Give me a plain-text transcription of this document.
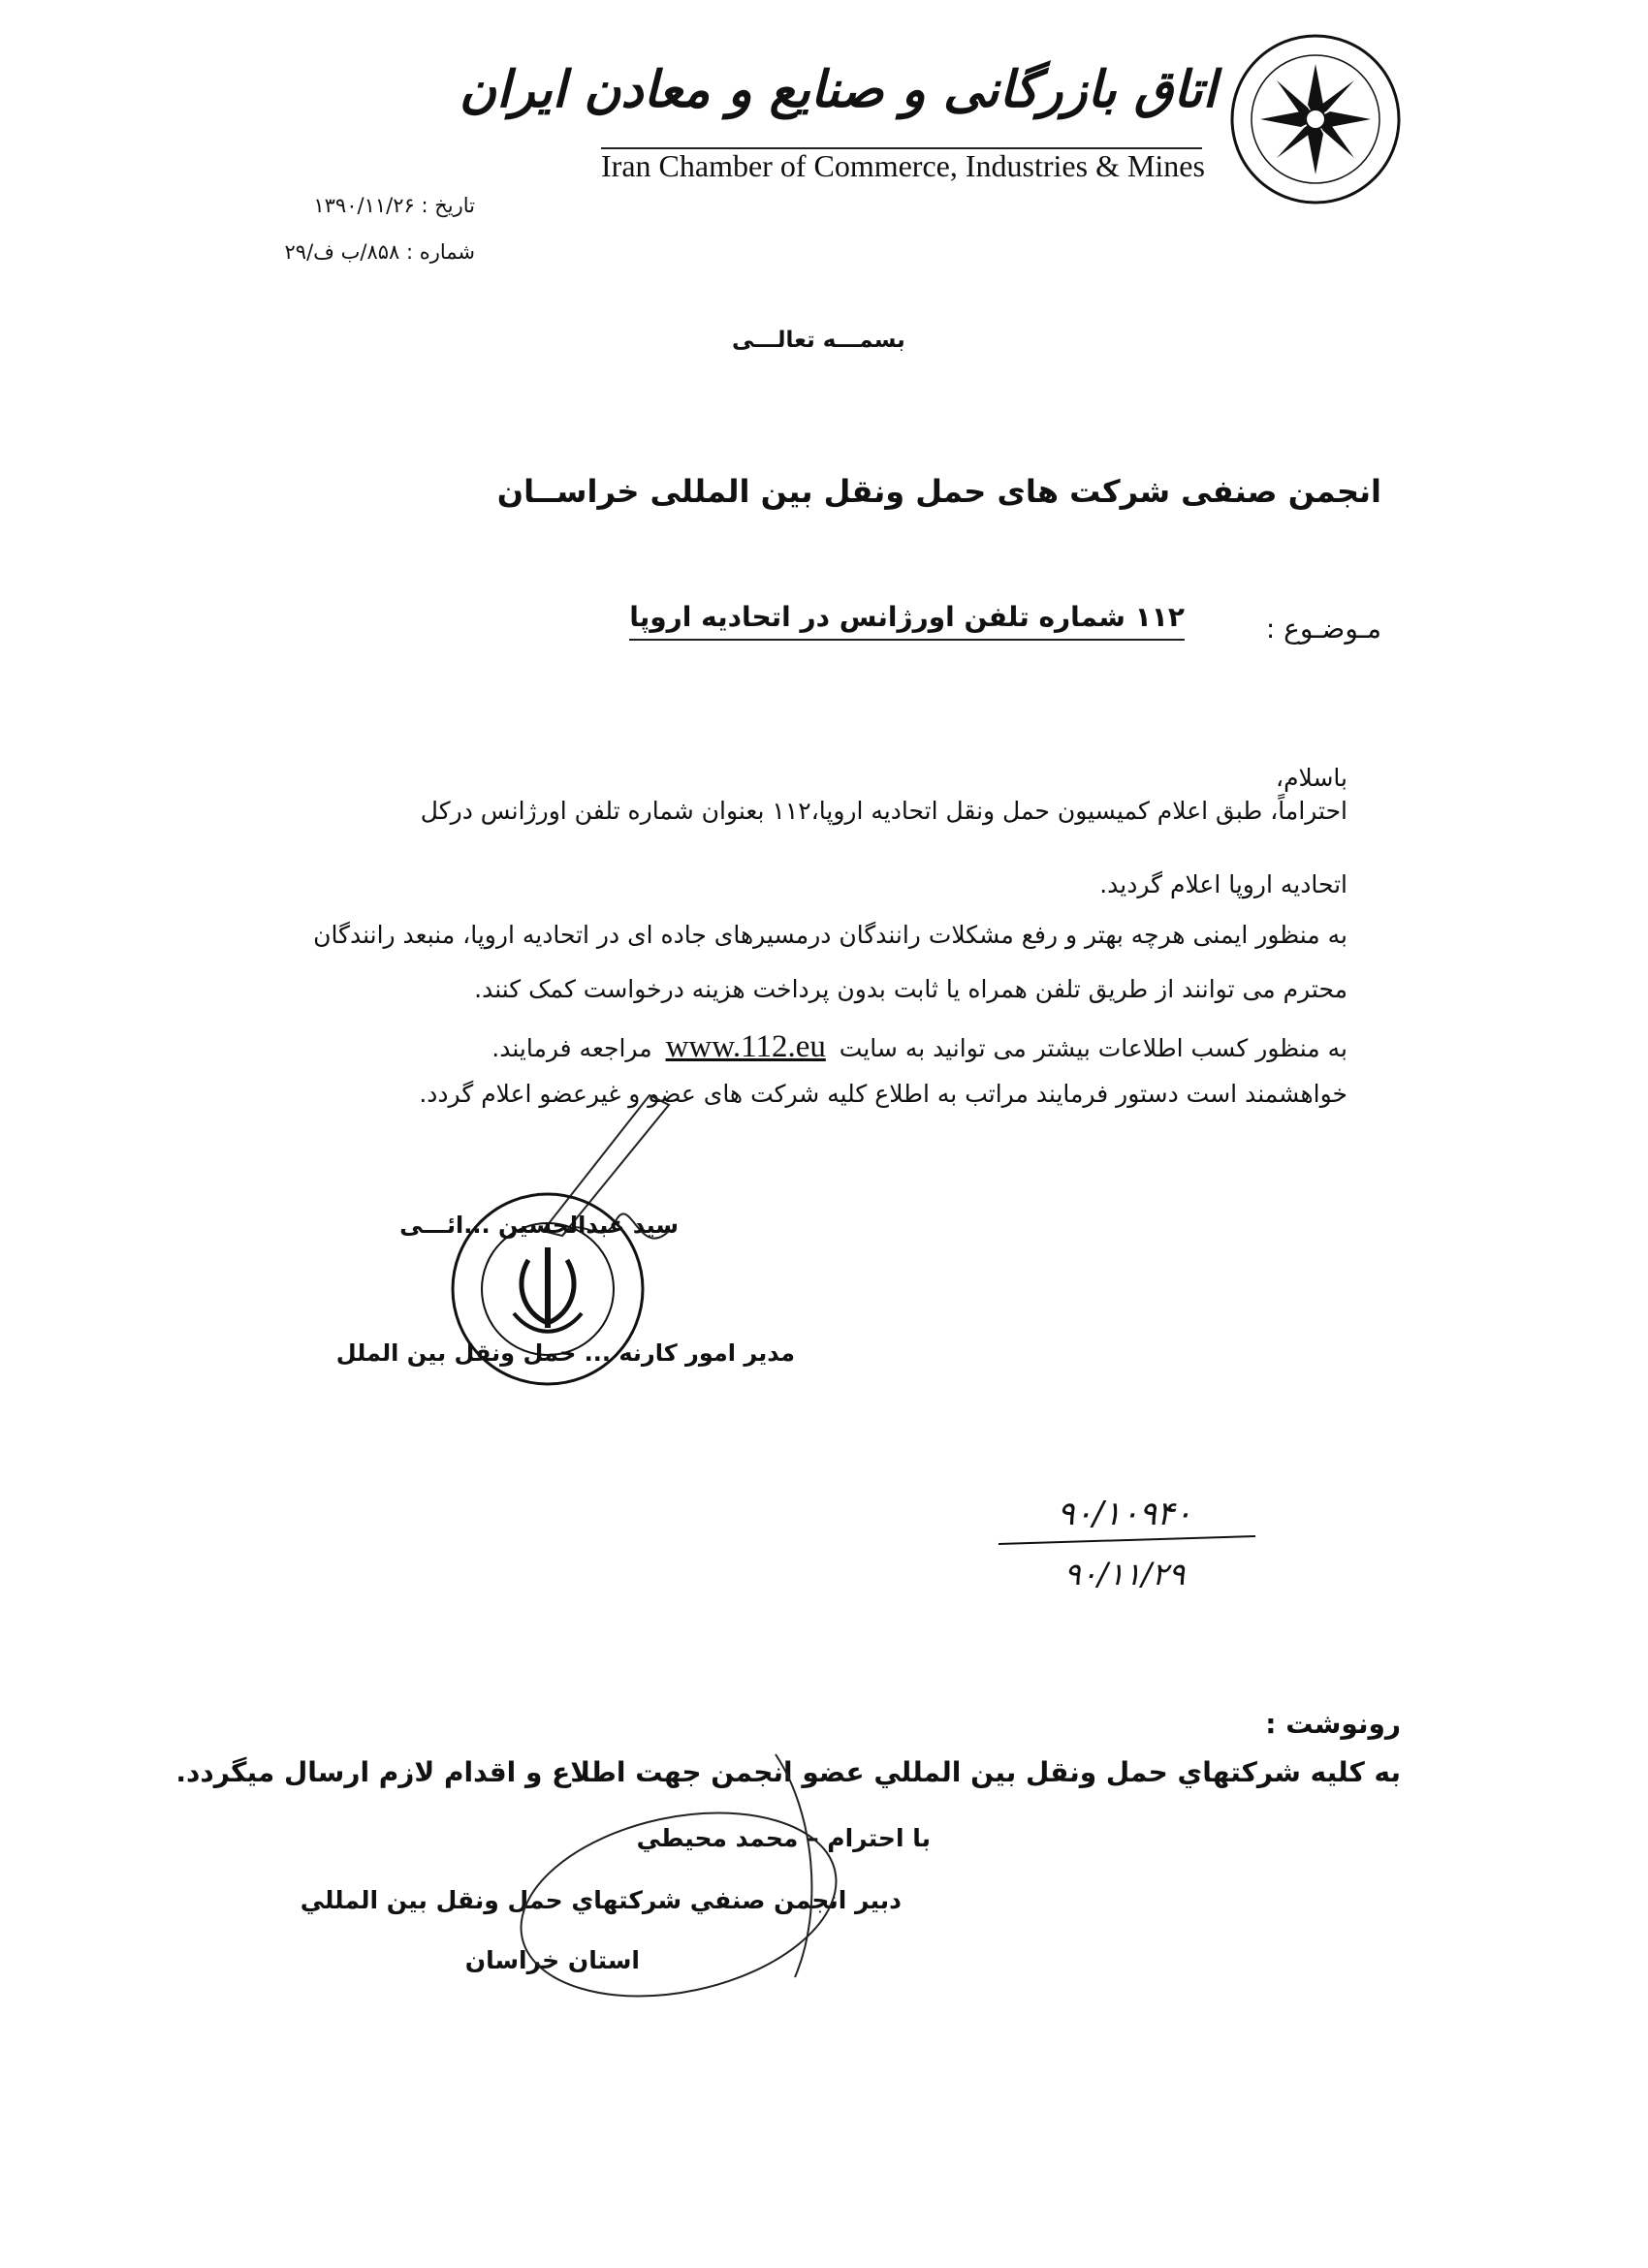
اتاق بازرگانی و صنایع و معادن ایران
Iran Chamber of Commerce, Industries & Mines
تاریخ : ۱۳۹۰/۱۱/۲۶
شماره : ۸۵۸/ب ف/۲۹
بسمـــه تعالـــی
انجمن صنفی شرکت های حمل ونقل بین المللی خراســان
مـوضـوع :
۱۱۲ شماره تلفن اورژانس در اتحادیه اروپا
باسلام،
احتراماً، طبق اعلام کمیسیون حمل ونقل اتحادیه اروپا،۱۱۲ بعنوان شماره تلفن اورژانس درکل
اتحادیه اروپا اعلام گردید.
به منظور ایمنی هرچه بهتر و رفع مشکلات رانندگان درمسیرهای جاده ای در اتحادیه اروپا، منبعد رانندگان
محترم می توانند از طریق تلفن همراه یا ثابت بدون پرداخت هزینه درخواست کمک کنند.
به منظور کسب اطلاعات بیشتر می توانید به سایت www.112.eu مراجعه فرمایند.
خواهشمند است دستور فرمایند مراتب به اطلاع کلیه شرکت های عضو و غیرعضو اعلام گردد.
سید عبدالحسین ...ائـــی
مدیر امور کارنه ... حمل ونقل بین الملل
۹۰/۱۰۹۴۰
۹۰/۱۱/۲۹
رونوشت :
به کلیه شرکتهاي حمل ونقل بین المللي عضو انجمن جهت اطلاع و اقدام لازم ارسال میگردد.
با احترام – محمد محیطي
دبیر انجمن صنفي شرکتهاي حمل ونقل بین المللي
استان خراسان
